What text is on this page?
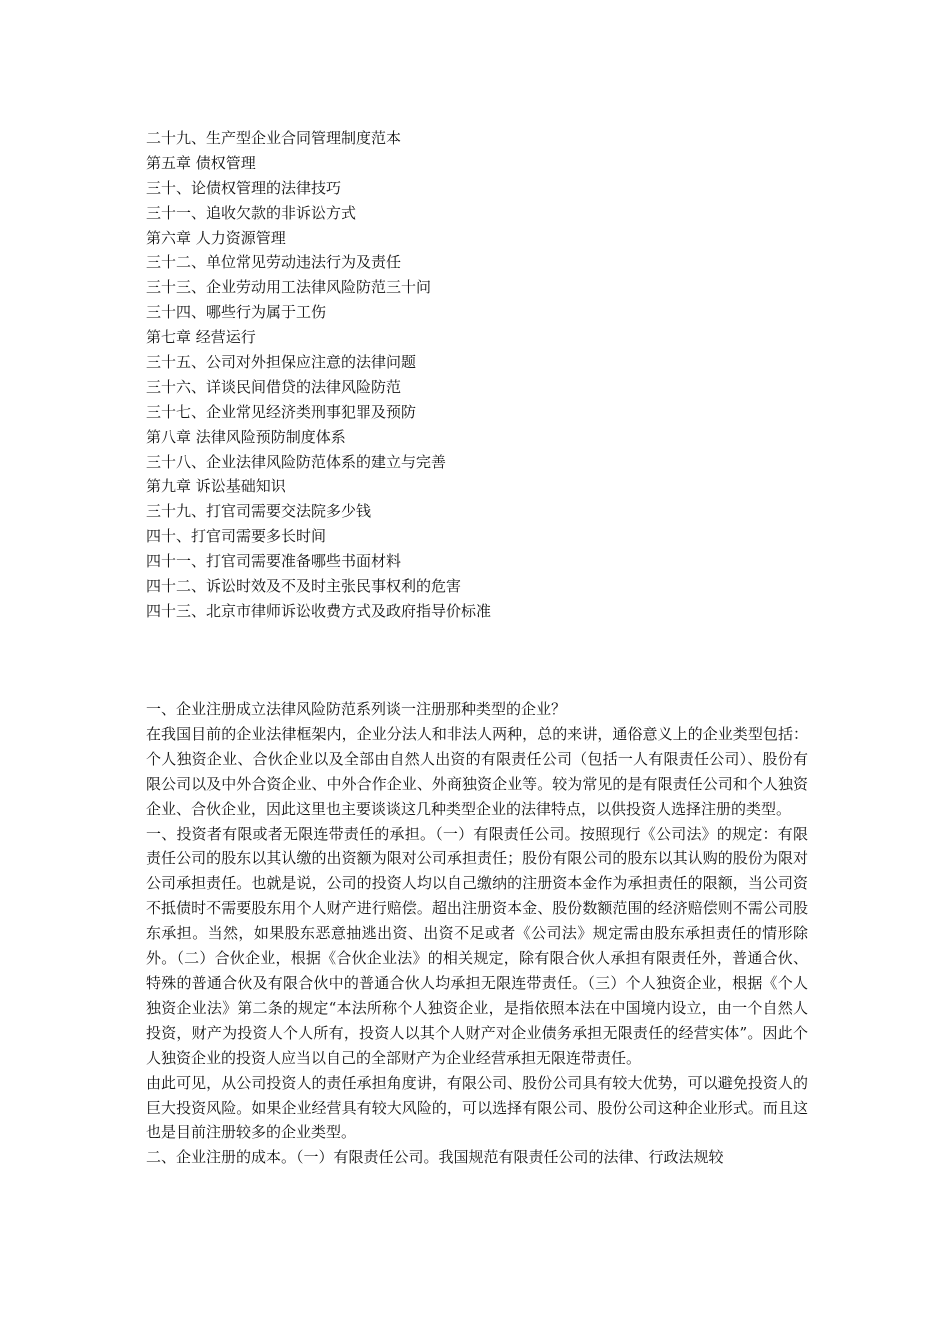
二十九、生产型企业合同管理制度范本
第五章 债权管理
三十、论债权管理的法律技巧
三十一、追收欠款的非诉讼方式
第六章 人力资源管理
三十二、单位常见劳动违法行为及责任
三十三、企业劳动用工法律风险防范三十问
三十四、哪些行为属于工伤
第七章 经营运行
三十五、公司对外担保应注意的法律问题
三十六、详谈民间借贷的法律风险防范
三十七、企业常见经济类刑事犯罪及预防
第八章 法律风险预防制度体系
三十八、企业法律风险防范体系的建立与完善
第九章 诉讼基础知识
三十九、打官司需要交法院多少钱
四十、打官司需要多长时间
四十一、打官司需要准备哪些书面材料
四十二、诉讼时效及不及时主张民事权利的危害
四十三、北京市律师诉讼收费方式及政府指导价标准
一、企业注册成立法律风险防范系列谈一注册那种类型的企业？

在我国目前的企业法律框架内，企业分法人和非法人两种，总的来讲，通俗意义上的企业类型包括：个人独资企业、合伙企业以及全部由自然人出资的有限责任公司（包括一人有限责任公司）、股份有限公司以及中外合资企业、中外合作企业、外商独资企业等。较为常见的是有限责任公司和个人独资企业、合伙企业，因此这里也主要谈谈这几种类型企业的法律特点，以供投资人选择注册的类型。

一、投资者有限或者无限连带责任的承担。（一）有限责任公司。按照现行《公司法》的规定：有限责任公司的股东以其认缴的出资额为限对公司承担责任；股份有限公司的股东以其认购的股份为限对公司承担责任。也就是说，公司的投资人均以自己缴纳的注册资本金作为承担责任的限额，当公司资不抵债时不需要股东用个人财产进行赔偿。超出注册资本金、股份数额范围的经济赔偿则不需公司股东承担。当然，如果股东恶意抽逃出资、出资不足或者《公司法》规定需由股东承担责任的情形除外。（二）合伙企业，根据《合伙企业法》的相关规定，除有限合伙人承担有限责任外，普通合伙、特殊的普通合伙及有限合伙中的普通合伙人均承担无限连带责任。（三）个人独资企业，根据《个人独资企业法》第二条的规定“本法所称个人独资企业，是指依照本法在中国境内设立，由一个自然人投资，财产为投资人个人所有，投资人以其个人财产对企业债务承担无限责任的经营实体”。因此个人独资企业的投资人应当以自己的全部财产为企业经营承担无限连带责任。

由此可见，从公司投资人的责任承担角度讲，有限公司、股份公司具有较大优势，可以避免投资人的巨大投资风险。如果企业经营具有较大风险的，可以选择有限公司、股份公司这种企业形式。而且这也是目前注册较多的企业类型。

二、企业注册的成本。（一）有限责任公司。我国规范有限责任公司的法律、行政法规较
